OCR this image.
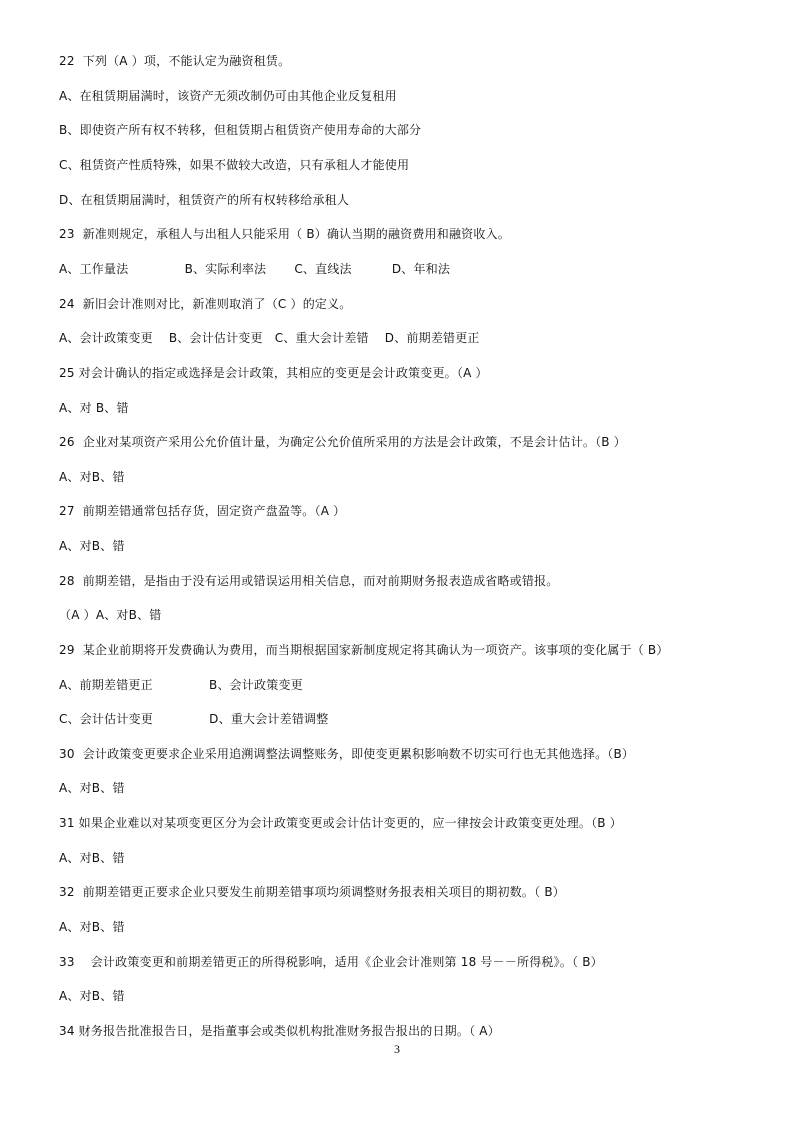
22  下列（A ）项，不能认定为融资租赁。
A、在租赁期届满时，该资产无须改制仍可由其他企业反复租用
B、即使资产所有权不转移，但租赁期占租赁资产使用寿命的大部分
C、租赁资产性质特殊，如果不做较大改造，只有承租人才能使用
D、在租赁期届满时，租赁资产的所有权转移给承租人
23  新准则规定，承租人与出租人只能采用（ B）确认当期的融资费用和融资收入。
A、工作量法              B、实际利率法       C、直线法          D、年和法
24  新旧会计准则对比，新准则取消了（C ）的定义。
A、会计政策变更    B、会计估计变更   C、重大会计差错    D、前期差错更正
25 对会计确认的指定或选择是会计政策，其相应的变更是会计政策变更。（A ）
A、对 B、错
26  企业对某项资产采用公允价值计量，为确定公允价值所采用的方法是会计政策，不是会计估计。（B ）
A、对B、错
27  前期差错通常包括存货，固定资产盘盈等。（A ）
A、对B、错
28  前期差错，是指由于没有运用或错误运用相关信息，而对前期财务报表造成省略或错报。
（A ）A、对B、错
29  某企业前期将开发费确认为费用，而当期根据国家新制度规定将其确认为一项资产。该事项的变化属于（ B）
A、前期差错更正              B、会计政策变更
C、会计估计变更              D、重大会计差错调整
30  会计政策变更要求企业采用追溯调整法调整账务，即使变更累积影响数不切实可行也无其他选择。（B）
A、对B、错
31 如果企业难以对某项变更区分为会计政策变更或会计估计变更的，应一律按会计政策变更处理。（B ）
A、对B、错
32  前期差错更正要求企业只要发生前期差错事项均须调整财务报表相关项目的期初数。（ B）
A、对B、错
33    会计政策变更和前期差错更正的所得税影响，适用《企业会计准则第 18 号－－所得税》。（ B）
A、对B、错
34 财务报告批准报告日，是指董事会或类似机构批准财务报告报出的日期。（ A）
3
